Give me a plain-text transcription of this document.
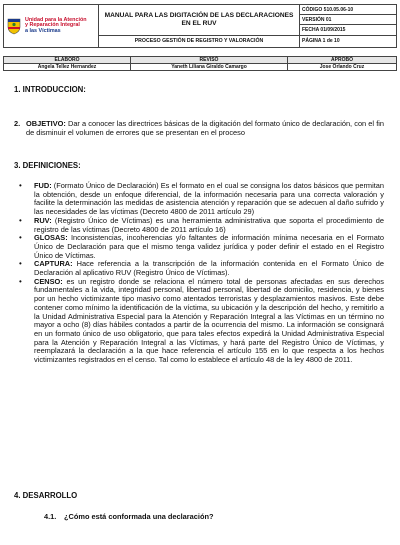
Unidad para la Atención
y Reparación Integral
a las Víctimas	MANUAL PARA LAS DIGITACIÓN DE LAS DECLARACIONES EN EL RUV	CÓDIGO 510.05.06-10
		VERSIÓN 01
		FECHA 01/09/2015
	PROCESO GESTIÓN DE REGISTRO Y VALORACIÓN	PÁGINA 1 de 10
ELABORÓ	REVISÓ	APROBÓ
Angela Tellez Hernandez	Yaneth Liliana Giraldo Camargo	Jose Orlando Cruz
1. INTRODUCCION:
2. OBJETIVO: Dar a conocer las directrices básicas de la digitación del formato único de declaración, con el fin de disminuir el volumen de errores que se presentan en el proceso
3. DEFINICIONES:
• FUD: (Formato Único de Declaración) Es el formato en el cual se consigna los datos básicos que permitan la obtención, desde un enfoque diferencial, de la información necesaria para una correcta valoración y facilite la determinación las medidas de asistencia atención y reparación que se adecuen al daño sufrido y las necesidades de las víctimas (Decreto 4800 de 2011 artículo 29)
• RUV: (Registro Único de Víctimas) es una herramienta administrativa que soporta el procedimiento de registro de las víctimas (Decreto 4800 de 2011 artículo 16)
• GLOSAS: Inconsistencias, incoherencias y/o faltantes de información mínima necesaria en el Formato Único de Declaración para que el mismo tenga validez jurídica y poder definir el estado en el Registro Único de Víctimas.
• CAPTURA: Hace referencia a la transcripción de la información contenida en el Formato Único de Declaración al aplicativo RUV (Registro Único de Víctimas).
• CENSO: es un registro donde se relaciona el número total de personas afectadas en sus derechos fundamentales a la vida, integridad personal, libertad personal, libertad de domicilio, residencia, y bienes por un hecho victimizante tipo masivo como atentados terroristas y desplazamientos masivos. Este debe contener como mínimo la identificación de la víctima, su ubicación y la descripción del hecho, y remitirlo a la Unidad Administrativa Especial para la Atención y Reparación Integral a las Víctimas en un término no mayor a ocho (8) días hábiles contados a partir de la ocurrencia del mismo. La información se consignará en un formato único de uso obligatorio, que para tales efectos expedirá la Unidad Administrativa Especial para la Atención y Reparación Integral a las Víctimas, y hará parte del Registro Único de Víctimas, y reemplazará la declaración a la que hace referencia el artículo 155 en lo que respecta a los hechos victimizantes registrados en el censo. Tal como lo establece el artículo 48 de la ley 4800 de 2011.
4. DESARROLLO
4.1. ¿Cómo está conformada una declaración?
